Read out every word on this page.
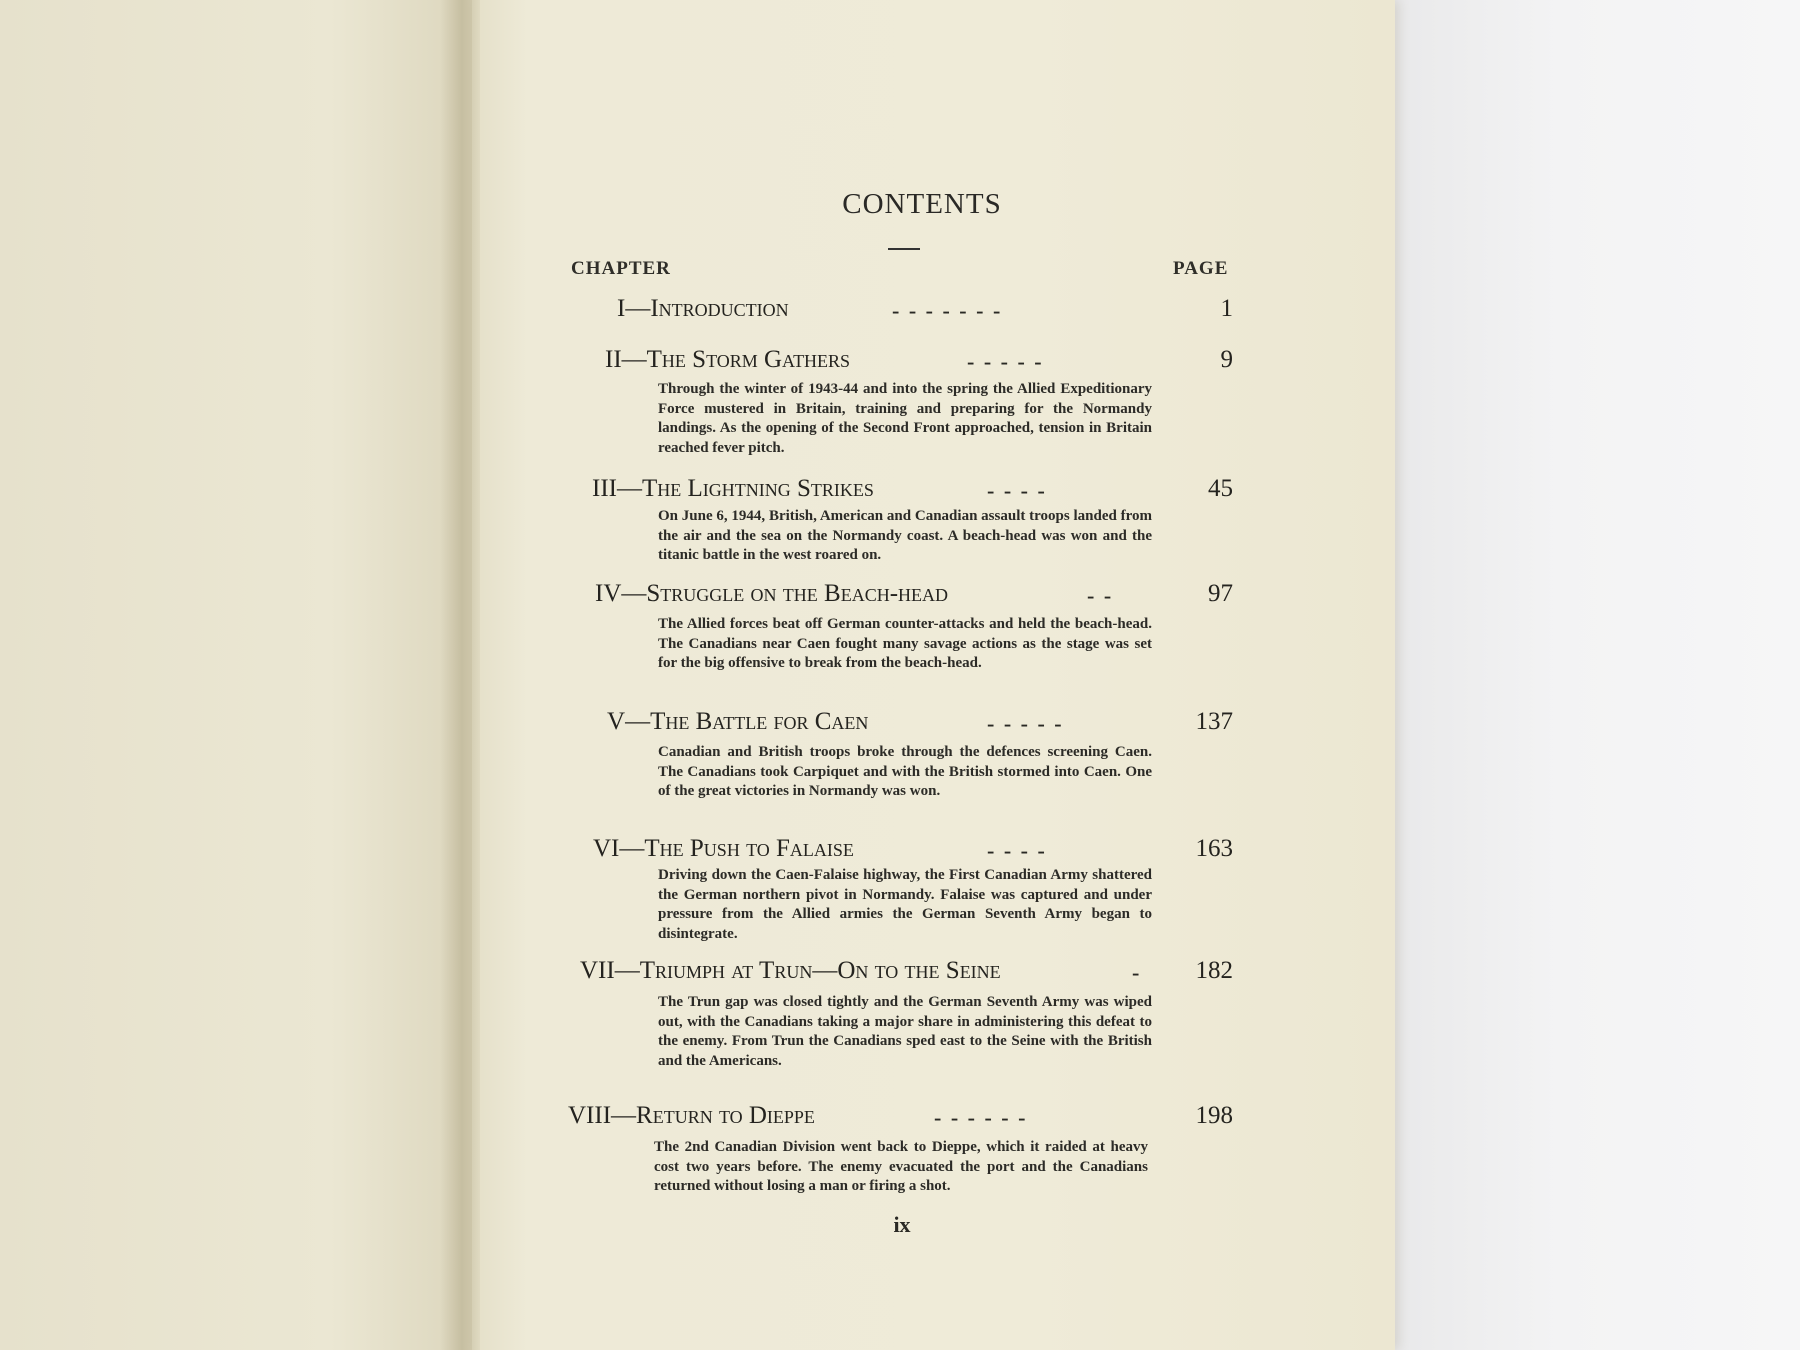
CONTENTS
CHAPTER	PAGE
I—Introduction	- - - - - - -	1
II—The Storm Gathers	- - - - -	9
Through the winter of 1943-44 and into the spring the Allied Expeditionary Force mustered in Britain, training and preparing for the Normandy landings. As the opening of the Second Front approached, tension in Britain reached fever pitch.
III—The Lightning Strikes	- - - -	45
On June 6, 1944, British, American and Canadian assault troops landed from the air and the sea on the Normandy coast. A beach-head was won and the titanic battle in the west roared on.
IV—Struggle on the Beach-head	- -	97
The Allied forces beat off German counter-attacks and held the beach-head. The Canadians near Caen fought many savage actions as the stage was set for the big offensive to break from the beach-head.
V—The Battle for Caen	- - - - -	137
Canadian and British troops broke through the defences screening Caen. The Canadians took Carpiquet and with the British stormed into Caen. One of the great victories in Normandy was won.
VI—The Push to Falaise	- - - -	163
Driving down the Caen-Falaise highway, the First Canadian Army shattered the German northern pivot in Normandy. Falaise was captured and under pressure from the Allied armies the German Seventh Army began to disintegrate.
VII—Triumph at Trun—On to the Seine	-	182
The Trun gap was closed tightly and the German Seventh Army was wiped out, with the Canadians taking a major share in administering this defeat to the enemy. From Trun the Canadians sped east to the Seine with the British and the Americans.
VIII—Return to Dieppe	- - - - - -	198
The 2nd Canadian Division went back to Dieppe, which it raided at heavy cost two years before. The enemy evacuated the port and the Canadians returned without losing a man or firing a shot.
ix
